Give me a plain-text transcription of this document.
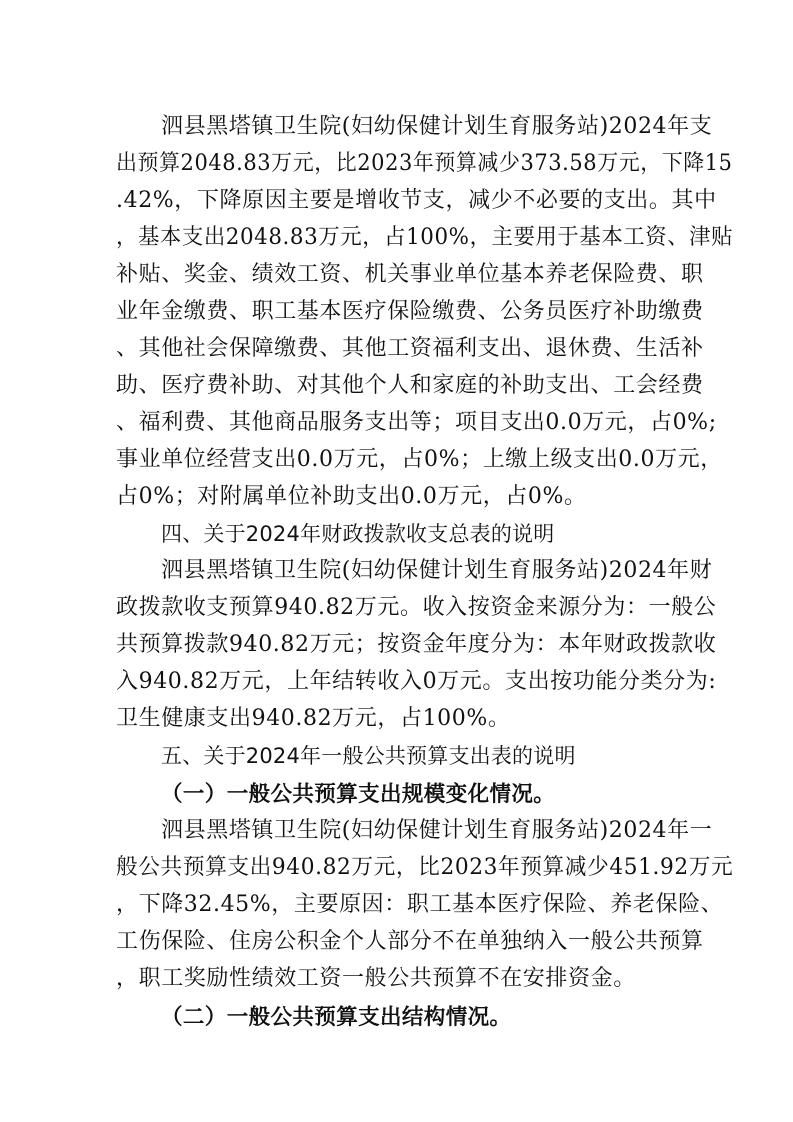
泗县黑塔镇卫生院(妇幼保健计划生育服务站)2024年支
出预算2048.83万元，比2023年预算减少373.58万元，下降15
.42%，下降原因主要是增收节支，减少不必要的支出。其中
，基本支出2048.83万元，占100%，主要用于基本工资、津贴
补贴、奖金、绩效工资、机关事业单位基本养老保险费、职
业年金缴费、职工基本医疗保险缴费、公务员医疗补助缴费
、其他社会保障缴费、其他工资福利支出、退休费、生活补
助、医疗费补助、对其他个人和家庭的补助支出、工会经费
、福利费、其他商品服务支出等；项目支出0.0万元，占0%;
事业单位经营支出0.0万元，占0%；上缴上级支出0.0万元，
占0%；对附属单位补助支出0.0万元，占0%。
四、关于2024年财政拨款收支总表的说明
泗县黑塔镇卫生院(妇幼保健计划生育服务站)2024年财
政拨款收支预算940.82万元。收入按资金来源分为：一般公
共预算拨款940.82万元；按资金年度分为：本年财政拨款收
入940.82万元，上年结转收入0万元。支出按功能分类分为:
卫生健康支出940.82万元，占100%。
五、关于2024年一般公共预算支出表的说明
（一）一般公共预算支出规模变化情况。
泗县黑塔镇卫生院(妇幼保健计划生育服务站)2024年一
般公共预算支出940.82万元，比2023年预算减少451.92万元
，下降32.45%，主要原因：职工基本医疗保险、养老保险、
工伤保险、住房公积金个人部分不在单独纳入一般公共预算
，职工奖励性绩效工资一般公共预算不在安排资金。
（二）一般公共预算支出结构情况。
